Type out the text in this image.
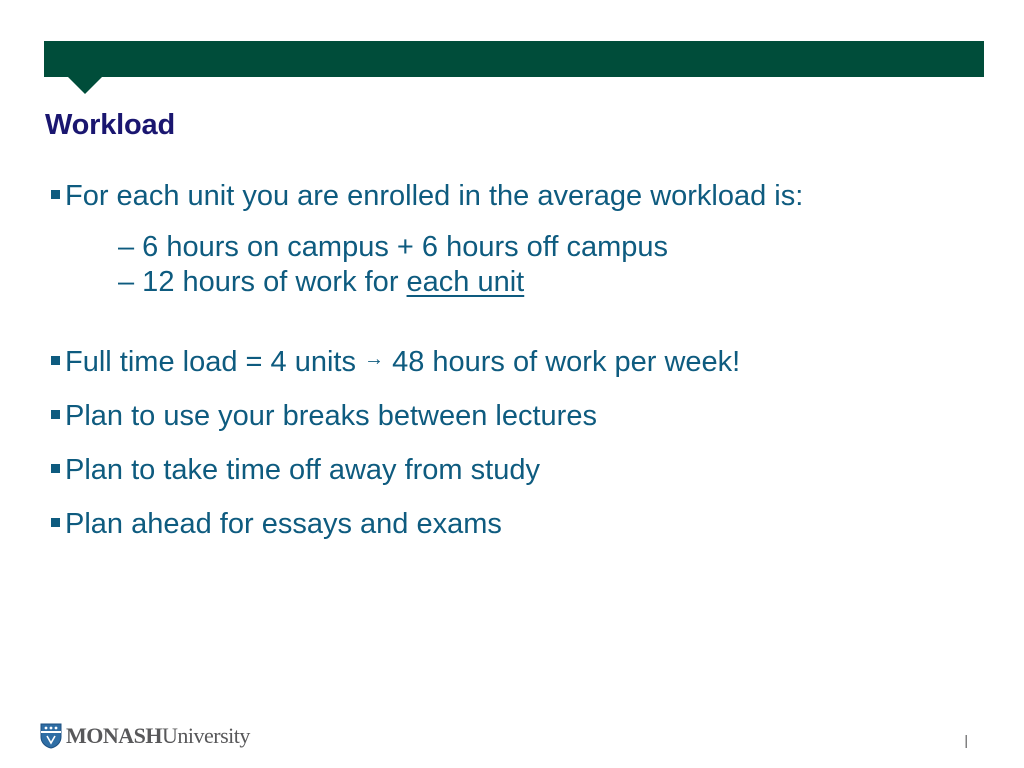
Workload
For each unit you are enrolled in the average workload is:
– 6 hours on campus + 6 hours off campus
– 12 hours of work for each unit
Full time load = 4 units → 48 hours of work per week!
Plan to use your breaks between lectures
Plan to take time off away from study
Plan ahead for essays and exams
MONASHUniversity	|
